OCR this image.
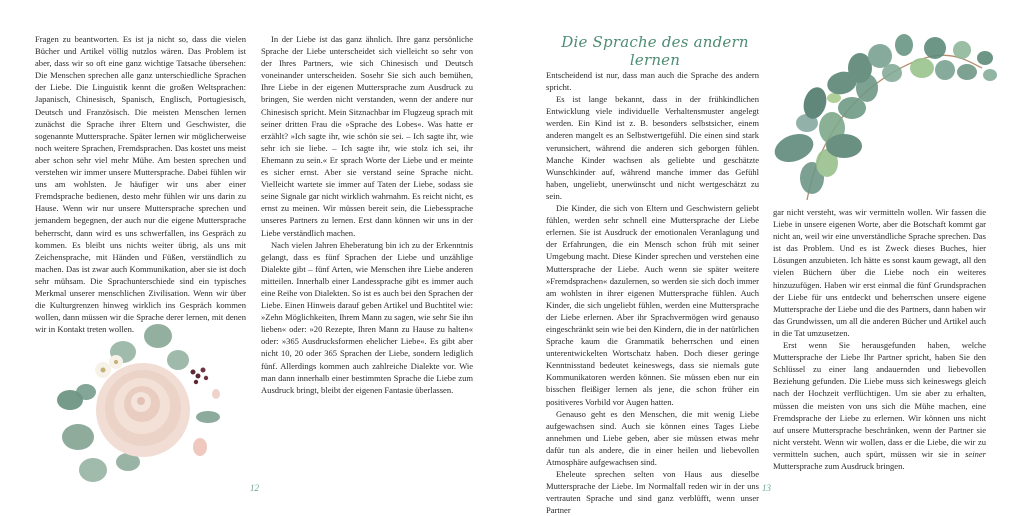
Fragen zu beantworten. Es ist ja nicht so, dass die vielen Bücher und Artikel völlig nutzlos wären. Das Problem ist aber, dass wir so oft eine ganz wichtige Tatsache übersehen: Die Menschen sprechen alle ganz unterschiedliche Sprachen der Liebe. Die Linguistik kennt die großen Weltsprachen: Japanisch, Chinesisch, Spanisch, Englisch, Portugiesisch, Deutsch und Französisch. Die meisten Menschen lernen zunächst die Sprache ihrer Eltern und Geschwister, die sogenannte Muttersprache. Später lernen wir möglicherweise noch weitere Sprachen, Fremdsprachen. Das kostet uns meist aber schon sehr viel mehr Mühe. Am besten sprechen und verstehen wir immer unsere Muttersprache. Dabei fühlen wir uns am wohlsten. Je häufiger wir uns aber einer Fremdsprache bedienen, desto mehr fühlen wir uns darin zu Hause. Wenn wir nur unsere Muttersprache sprechen und jemandem begegnen, der auch nur die eigene Muttersprache beherrscht, dann wird es uns schwerfallen, ins Gespräch zu kommen. Es bleibt uns nichts weiter übrig, als uns mit Zeichensprache, mit Händen und Füßen, verständlich zu machen. Das ist zwar auch Kommunikation, aber sie ist doch sehr mühsam. Die Sprachunterschiede sind ein typisches Merkmal unserer menschlichen Zivilisation. Wenn wir über die Kulturgrenzen hinweg wirklich ins Gespräch kommen wollen, dann müssen wir die Sprache derer lernen, mit denen wir in Kontakt treten wollen.

In der Liebe ist das ganz ähnlich. Ihre ganz persönliche Sprache der Liebe unterscheidet sich vielleicht so sehr von der Ihres Partners, wie sich Chinesisch und Deutsch voneinander unterscheiden. Sosehr Sie sich auch bemühen, Ihre Liebe in der eigenen Muttersprache zum Ausdruck zu bringen, Sie werden nicht verstanden, wenn der andere nur Chinesisch spricht. Mein Sitznachbar im Flugzeug sprach mit seiner dritten Frau die »Sprache des Lobes«. Was hatte er erzählt? »Ich sagte ihr, wie schön sie sei. – Ich sagte ihr, wie sehr ich sie liebe. – Ich sagte ihr, wie stolz ich sei, ihr Ehemann zu sein.« Er sprach Worte der Liebe und er meinte es sicher ernst. Aber sie verstand seine Sprache nicht. Vielleicht wartete sie immer auf Taten der Liebe, sodass sie seine Signale gar nicht wirklich wahrnahm. Es reicht nicht, es ernst zu meinen. Wir müssen bereit sein, die Liebessprache unseres Partners zu lernen. Erst dann können wir uns in der Liebe verständlich machen.

Nach vielen Jahren Eheberatung bin ich zu der Erkenntnis gelangt, dass es fünf Sprachen der Liebe und unzählige Dialekte gibt – fünf Arten, wie Menschen ihre Liebe anderen mitteilen. Innerhalb einer Landessprache gibt es immer auch eine Reihe von Dialekten. So ist es auch bei den Sprachen der Liebe. Einen Hinweis darauf geben Artikel und Buchtitel wie: »Zehn Möglichkeiten, Ihrem Mann zu sagen, wie sehr Sie ihn lieben« oder: »20 Rezepte, Ihren Mann zu Hause zu halten« oder: »365 Ausdrucksformen ehelicher Liebe«. Es gibt aber nicht 10, 20 oder 365 Sprachen der Liebe, sondern lediglich fünf. Allerdings kommen auch zahlreiche Dialekte vor. Wie man dann innerhalb einer bestimmten Sprache die Liebe zum Ausdruck bringt, bleibt der eigenen Fantasie überlassen.

12
Die Sprache des andern lernen

Entscheidend ist nur, dass man auch die Sprache des andern spricht.

Es ist lange bekannt, dass in der frühkindlichen Entwicklung viele individuelle Verhaltensmuster angelegt werden. Ein Kind ist z. B. besonders selbstsicher, einem anderen mangelt es an Selbstwertgefühl. Die einen sind stark verunsichert, während die anderen sich geborgen fühlen. Manche Kinder wachsen als geliebte und geschätzte Wunschkinder auf, während manche immer das Gefühl haben, ungeliebt, unerwünscht und nicht wertgeschätzt zu sein.

Die Kinder, die sich von Eltern und Geschwistern geliebt fühlen, werden sehr schnell eine Muttersprache der Liebe erlernen. Sie ist Ausdruck der emotionalen Veranlagung und der Erfahrungen, die ein Mensch schon früh mit seiner Umgebung macht. Diese Kinder sprechen und verstehen eine Muttersprache der Liebe. Auch wenn sie später weitere »Fremdsprachen« dazulernen, so werden sie sich doch immer am wohlsten in ihrer eigenen Muttersprache fühlen. Auch Kinder, die sich ungeliebt fühlen, werden eine Muttersprache der Liebe erlernen. Aber ihr Sprachvermögen wird genauso eingeschränkt sein wie bei den Kindern, die in der natürlichen Sprache kaum die Grammatik beherrschen und einen unterentwickelten Wortschatz haben. Doch dieser geringe Kenntnisstand bedeutet keineswegs, dass sie niemals gute Kommunikatoren werden können. Sie müssen eben nur ein bisschen fleißiger lernen als jene, die schon früher ein positiveres Vorbild vor Augen hatten.

Genauso geht es den Menschen, die mit wenig Liebe aufgewachsen sind. Auch sie können eines Tages Liebe annehmen und Liebe geben, aber sie müssen etwas mehr dafür tun als andere, die in einer heilen und liebevollen Atmosphäre aufgewachsen sind.

Eheleute sprechen selten von Haus aus dieselbe Muttersprache der Liebe. Im Normalfall reden wir in der uns vertrauten Sprache und sind ganz verblüfft, wenn unser Partner

gar nicht versteht, was wir vermitteln wollen. Wir fassen die Liebe in unsere eigenen Worte, aber die Botschaft kommt gar nicht an, weil wir eine unverständliche Sprache sprechen. Das ist das Problem. Und es ist Zweck dieses Buches, hier Lösungen anzubieten. Ich hätte es sonst kaum gewagt, all den vielen Büchern über die Liebe noch ein weiteres hinzuzufügen. Haben wir erst einmal die fünf Grundsprachen der Liebe für uns entdeckt und beherrschen unsere eigene Muttersprache der Liebe und die des Partners, dann haben wir das Grundwissen, um all die anderen Bücher und Artikel auch in die Tat umzusetzen.

Erst wenn Sie herausgefunden haben, welche Muttersprache der Liebe Ihr Partner spricht, haben Sie den Schlüssel zu einer lang andauernden und liebevollen Beziehung gefunden. Die Liebe muss sich keineswegs gleich nach der Hochzeit verflüchtigen. Um sie aber zu erhalten, müssen die meisten von uns sich die Mühe machen, eine Fremdsprache der Liebe zu erlernen. Wir können uns nicht auf unsere Muttersprache beschränken, wenn der Partner sie nicht versteht. Wenn wir wollen, dass er die Liebe, die wir zu vermitteln suchen, auch spürt, müssen wir sie in seiner Muttersprache zum Ausdruck bringen.

13
